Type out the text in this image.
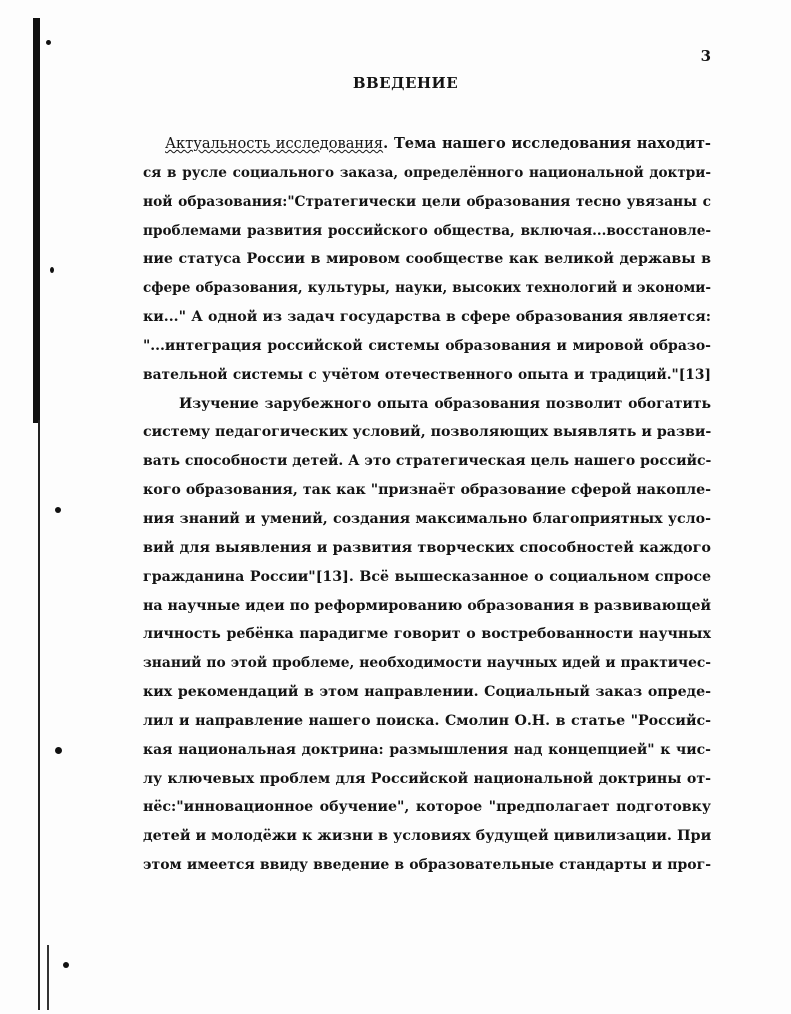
3
ВВЕДЕНИЕ
Актуальность исследования. Тема нашего исследования находит-
ся в русле социального заказа, определённого национальной доктри-
ной образования:"Стратегически цели образования тесно увязаны с
проблемами развития российского общества, включая...восстановле-
ние статуса России в мировом сообществе как великой державы в
сфере образования, культуры, науки, высоких технологий и экономи-
ки..." А одной из задач государства в сфере образования является:
"...интеграция российской системы образования и мировой образо-
вательной системы с учётом отечественного опыта и традиций."[13]
Изучение зарубежного опыта образования позволит обогатить
систему педагогических условий, позволяющих выявлять и разви-
вать способности детей. А это стратегическая цель нашего российс-
кого образования, так как "признаёт образование сферой накопле-
ния знаний и умений, создания максимально благоприятных усло-
вий для выявления и развития творческих способностей каждого
гражданина России"[13]. Всё вышесказанное о социальном спросе
на научные идеи по реформированию образования в развивающей
личность ребёнка парадигме говорит о востребованности научных
знаний по этой проблеме, необходимости научных идей и практичес-
ких рекомендаций в этом направлении. Социальный заказ опреде-
лил и направление нашего поиска. Смолин О.Н. в статье "Российс-
кая национальная доктрина: размышления над концепцией" к чис-
лу ключевых проблем для Российской национальной доктрины от-
нёс:"инновационное обучение", которое "предполагает подготовку
детей и молодёжи к жизни в условиях будущей цивилизации. При
этом имеется ввиду введение в образовательные стандарты и прог-
